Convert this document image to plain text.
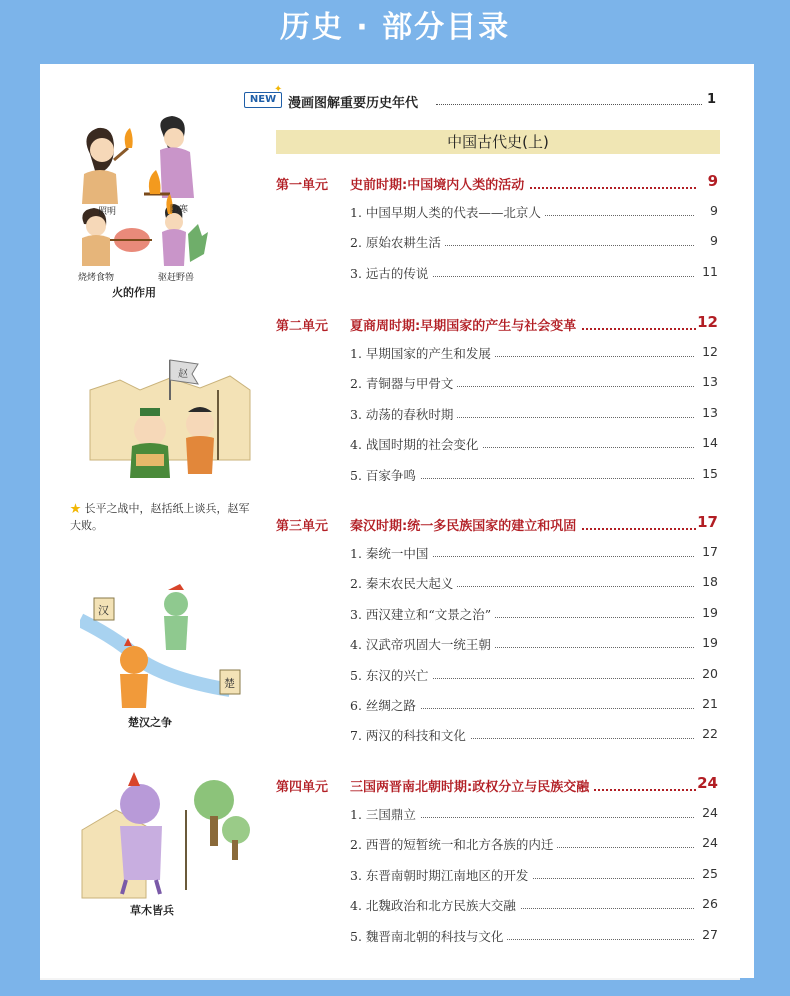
历史 · 部分目录
NEW
✦
漫画图解重要历史年代	1
中国古代史(上)
第一单元 史前时期:中国境内人类的活动	9
1. 中国早期人类的代表——北京人	9
2. 原始农耕生活	9
3. 远古的传说	11
第二单元 夏商周时期:早期国家的产生与社会变革	12
1. 早期国家的产生和发展	12
2. 青铜器与甲骨文	13
3. 动荡的春秋时期	13
4. 战国时期的社会变化	14
5. 百家争鸣	15
第三单元 秦汉时期:统一多民族国家的建立和巩固	17
1. 秦统一中国	17
2. 秦末农民大起义	18
3. 西汉建立和“文景之治”	19
4. 汉武帝巩固大一统王朝	19
5. 东汉的兴亡	20
6. 丝绸之路	21
7. 两汉的科技和文化	22
第四单元 三国两晋南北朝时期:政权分立与民族交融	24
1. 三国鼎立	24
2. 西晋的短暂统一和北方各族的内迁	24
3. 东晋南朝时期江南地区的开发	25
4. 北魏政治和北方民族大交融	26
5. 魏晋南北朝的科技与文化	27
照明	防寒
烧烤食物	驱赶野兽
火的作用
赵
★ 长平之战中，赵括纸上谈兵，赵军大败。
汉
楚
楚汉之争
草木皆兵
